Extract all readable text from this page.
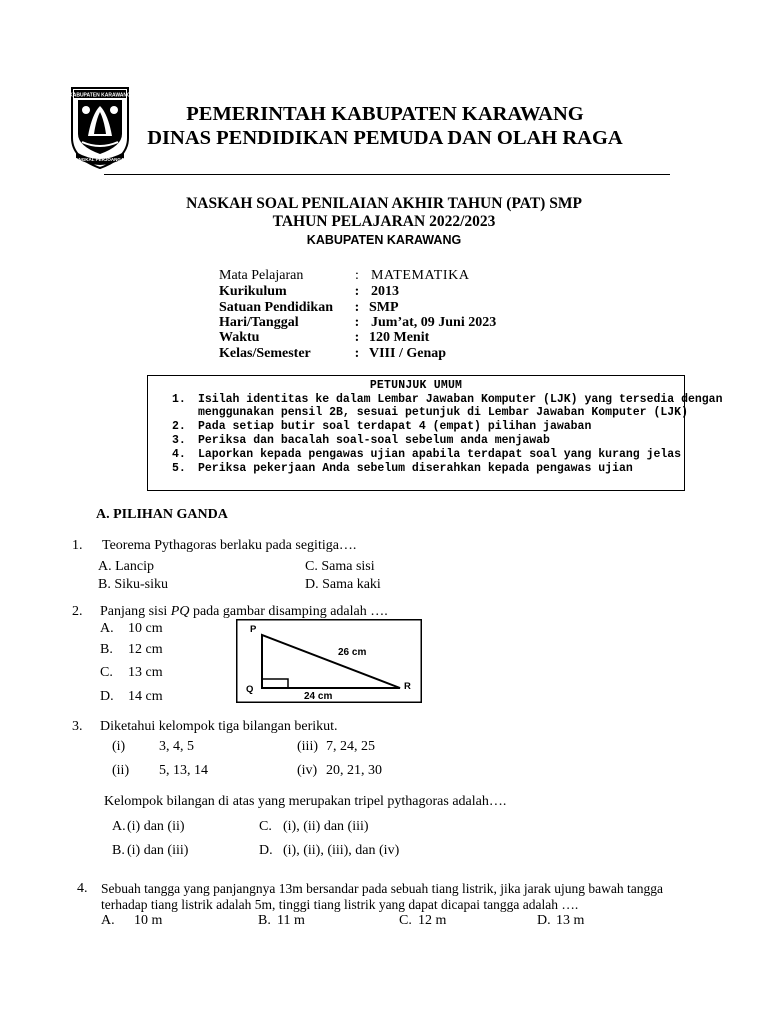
KABUPATEN KARAWANG
PANGKAL PERJOANGAN
PEMERINTAH KABUPATEN KARAWANG
DINAS PENDIDIKAN PEMUDA DAN OLAH RAGA
NASKAH SOAL PENILAIAN AKHIR TAHUN (PAT) SMP
TAHUN PELAJARAN 2022/2023
KABUPATEN KARAWANG
Mata Pelajaran	: MATEMATIKA
Kurikulum	: 2013
Satuan Pendidikan : SMP
Hari/Tanggal	: Jum’at, 09 Juni 2023
Waktu	: 120 Menit
Kelas/Semester	: VIII / Genap
PETUNJUK UMUM
1. Isilah identitas ke dalam Lembar Jawaban Komputer (LJK) yang tersedia dengan
menggunakan pensil 2B, sesuai petunjuk di Lembar Jawaban Komputer (LJK)
2. Pada setiap butir soal terdapat 4 (empat) pilihan jawaban
3. Periksa dan bacalah soal-soal sebelum anda menjawab
4. Laporkan kepada pengawas ujian apabila terdapat soal yang kurang jelas
5. Periksa pekerjaan Anda sebelum diserahkan kepada pengawas ujian
A. PILIHAN GANDA
1. Teorema Pythagoras berlaku pada segitiga….
A. Lancip	C. Sama sisi
B. Siku-siku	D. Sama kaki
2. Panjang sisi PQ pada gambar disamping adalah ….
A. 10 cm
B. 12 cm
C. 13 cm
D. 14 cm
P
Q	R
26 cm
24 cm
3. Diketahui kelompok tiga bilangan berikut.
(i) 3, 4, 5	(iii) 7, 24, 25
(ii) 5, 13, 14	(iv) 20, 21, 30
Kelompok bilangan di atas yang merupakan tripel pythagoras adalah….
A. (i) dan (ii)	C. (i), (ii) dan (iii)
B. (i) dan (iii)	D. (i), (ii), (iii), dan (iv)
4. Sebuah tangga yang panjangnya 13m bersandar pada sebuah tiang listrik, jika jarak ujung bawah tangga
terhadap tiang listrik adalah 5m, tinggi tiang listrik yang dapat dicapai tangga adalah ….
A. 10 m	B. 11 m	C. 12 m	D. 13 m
